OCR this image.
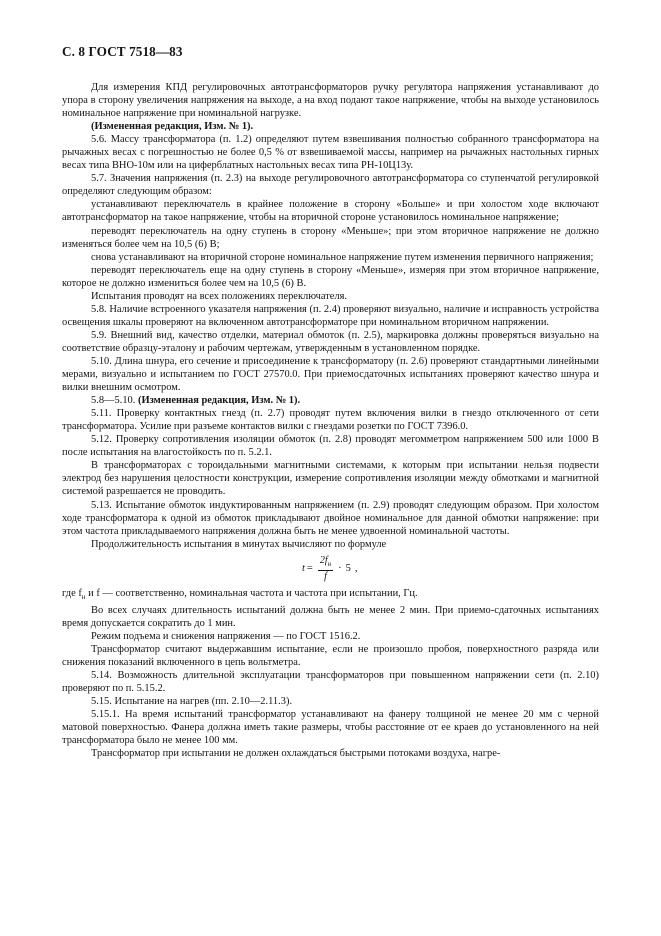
С. 8 ГОСТ 7518—83

Для измерения КПД регулировочных автотрансформаторов ручку регулятора напряжения устанавливают до упора в сторону увеличения напряжения на выходе, а на вход подают такое напряжение, чтобы на выходе установилось номинальное напряжение при номинальной нагрузке.

(Измененная редакция, Изм. № 1).

5.6. Массу трансформатора (п. 1.2) определяют путем взвешивания полностью собранного трансформатора на рычажных весах с погрешностью не более 0,5 % от взвешиваемой массы, например на рычажных настольных гирных весах типа ВНО-10м или на циферблатных настольных весах типа РН-10Ц13у.

5.7. Значения напряжения (п. 2.3) на выходе регулировочного автотрансформатора со ступенчатой регулировкой определяют следующим образом:

устанавливают переключатель в крайнее положение в сторону «Больше» и при холостом ходе включают автотрансформатор на такое напряжение, чтобы на вторичной стороне установилось номинальное напряжение;

переводят переключатель на одну ступень в сторону «Меньше»; при этом вторичное напряжение не должно изменяться более чем на 10,5 (6) В;

снова устанавливают на вторичной стороне номинальное напряжение путем изменения первичного напряжения;

переводят переключатель еще на одну ступень в сторону «Меньше», измеряя при этом вторичное напряжение, которое не должно измениться более чем на 10,5 (6) В.

Испытания проводят на всех положениях переключателя.

5.8. Наличие встроенного указателя напряжения (п. 2.4) проверяют визуально, наличие и исправность устройства освещения шкалы проверяют на включенном автотрансформаторе при номинальном вторичном напряжении.

5.9. Внешний вид, качество отделки, материал обмоток (п. 2.5), маркировка должны проверяться визуально на соответствие образцу-эталону и рабочим чертежам, утвержденным в установленном порядке.

5.10. Длина шнура, его сечение и присоединение к трансформатору (п. 2.6) проверяют стандартными линейными мерами, визуально и испытанием по ГОСТ 27570.0. При приемосдаточных испытаниях проверяют качество шнура и вилки внешним осмотром.

5.8—5.10. (Измененная редакция, Изм. № 1).

5.11. Проверку контактных гнезд (п. 2.7) проводят путем включения вилки в гнездо отключенного от сети трансформатора. Усилие при разъеме контактов вилки с гнездами розетки по ГОСТ 7396.0.

5.12. Проверку сопротивления изоляции обмоток (п. 2.8) проводят мегомметром напряжением 500 или 1000 В после испытания на влагостойкость по п. 5.2.1.

В трансформаторах с тороидальными магнитными системами, к которым при испытании нельзя подвести электрод без нарушения целостности конструкции, измерение сопротивления изоляции между обмотками и магнитной системой разрешается не проводить.

5.13. Испытание обмоток индуктированным напряжением (п. 2.9) проводят следующим образом. При холостом ходе трансформатора к одной из обмоток прикладывают двойное номинальное для данной обмотки напряжение: при этом частота прикладываемого напряжения должна быть не менее удвоенной номинальной частоты.

Продолжительность испытания в минутах вычисляют по формуле

$t = \frac{2f_н}{f} \cdot 5$ ,

где $f_н$ и f — соответственно, номинальная частота и частота при испытании, Гц.

Во всех случаях длительность испытаний должна быть не менее 2 мин. При приемо-сдаточных испытаниях время допускается сократить до 1 мин.

Режим подъема и снижения напряжения — по ГОСТ 1516.2.

Трансформатор считают выдержавшим испытание, если не произошло пробоя, поверхностного разряда или снижения показаний включенного в цепь вольтметра.

5.14. Возможность длительной эксплуатации трансформаторов при повышенном напряжении сети (п. 2.10) проверяют по п. 5.15.2.

5.15. Испытание на нагрев (пп. 2.10—2.11.3).

5.15.1. На время испытаний трансформатор устанавливают на фанеру толщиной не менее 20 мм с черной матовой поверхностью. Фанера должна иметь такие размеры, чтобы расстояние от ее краев до установленного на ней трансформатора было не менее 100 мм.

Трансформатор при испытании не должен охлаждаться быстрыми потоками воздуха, нагре-
